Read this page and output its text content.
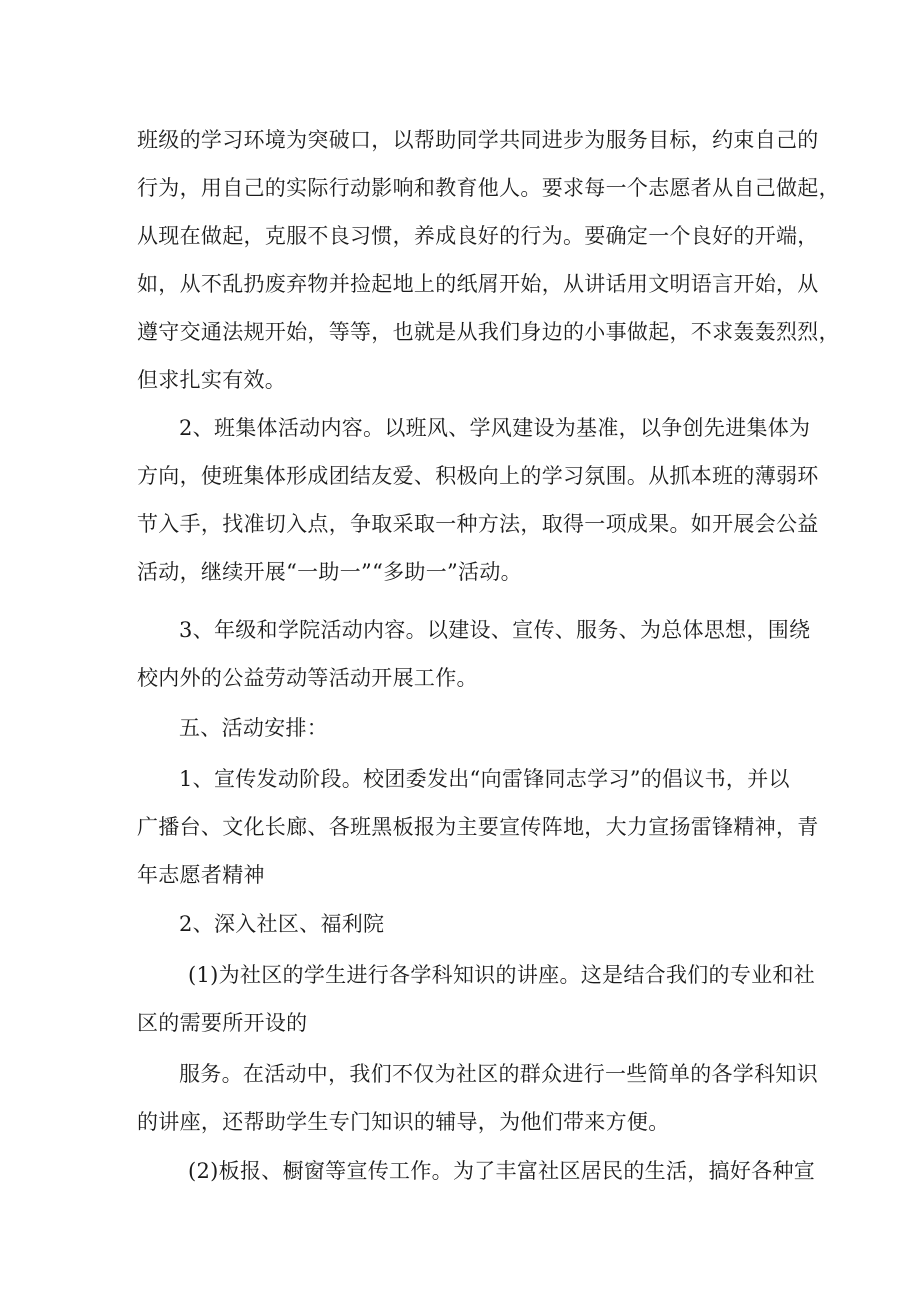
班级的学习环境为突破口，以帮助同学共同进步为服务目标，约束自己的
行为，用自己的实际行动影响和教育他人。要求每一个志愿者从自己做起，
从现在做起，克服不良习惯，养成良好的行为。要确定一个良好的开端，
如，从不乱扔废弃物并捡起地上的纸屑开始，从讲话用文明语言开始，从
遵守交通法规开始，等等，也就是从我们身边的小事做起，不求轰轰烈烈，
但求扎实有效。
2、班集体活动内容。以班风、学风建设为基准，以争创先进集体为
方向，使班集体形成团结友爱、积极向上的学习氛围。从抓本班的薄弱环
节入手，找准切入点，争取采取一种方法，取得一项成果。如开展会公益
活动，继续开展“一助一”“多助一”活动。
3、年级和学院活动内容。以建设、宣传、服务、为总体思想，围绕
校内外的公益劳动等活动开展工作。
五、活动安排：
1、宣传发动阶段。校团委发出“向雷锋同志学习”的倡议书，并以
广播台、文化长廊、各班黑板报为主要宣传阵地，大力宣扬雷锋精神，青
年志愿者精神
2、深入社区、福利院
(1)为社区的学生进行各学科知识的讲座。这是结合我们的专业和社
区的需要所开设的
服务。在活动中，我们不仅为社区的群众进行一些简单的各学科知识
的讲座，还帮助学生专门知识的辅导，为他们带来方便。
(2)板报、橱窗等宣传工作。为了丰富社区居民的生活，搞好各种宣
